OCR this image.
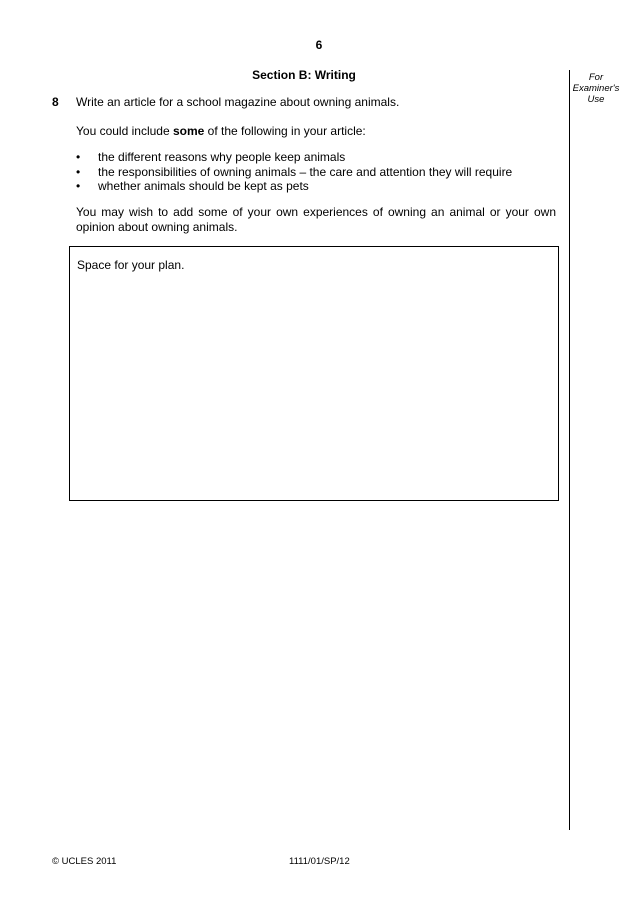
6
Section B: Writing	For
Examiner's
Use
8 Write an article for a school magazine about owning animals.
You could include some of the following in your article:
• the different reasons why people keep animals
• the responsibilities of owning animals – the care and attention they will require
• whether animals should be kept as pets
You may wish to add some of your own experiences of owning an animal or your own opinion about owning animals.
Space for your plan.
© UCLES 2011	1111/01/SP/12
